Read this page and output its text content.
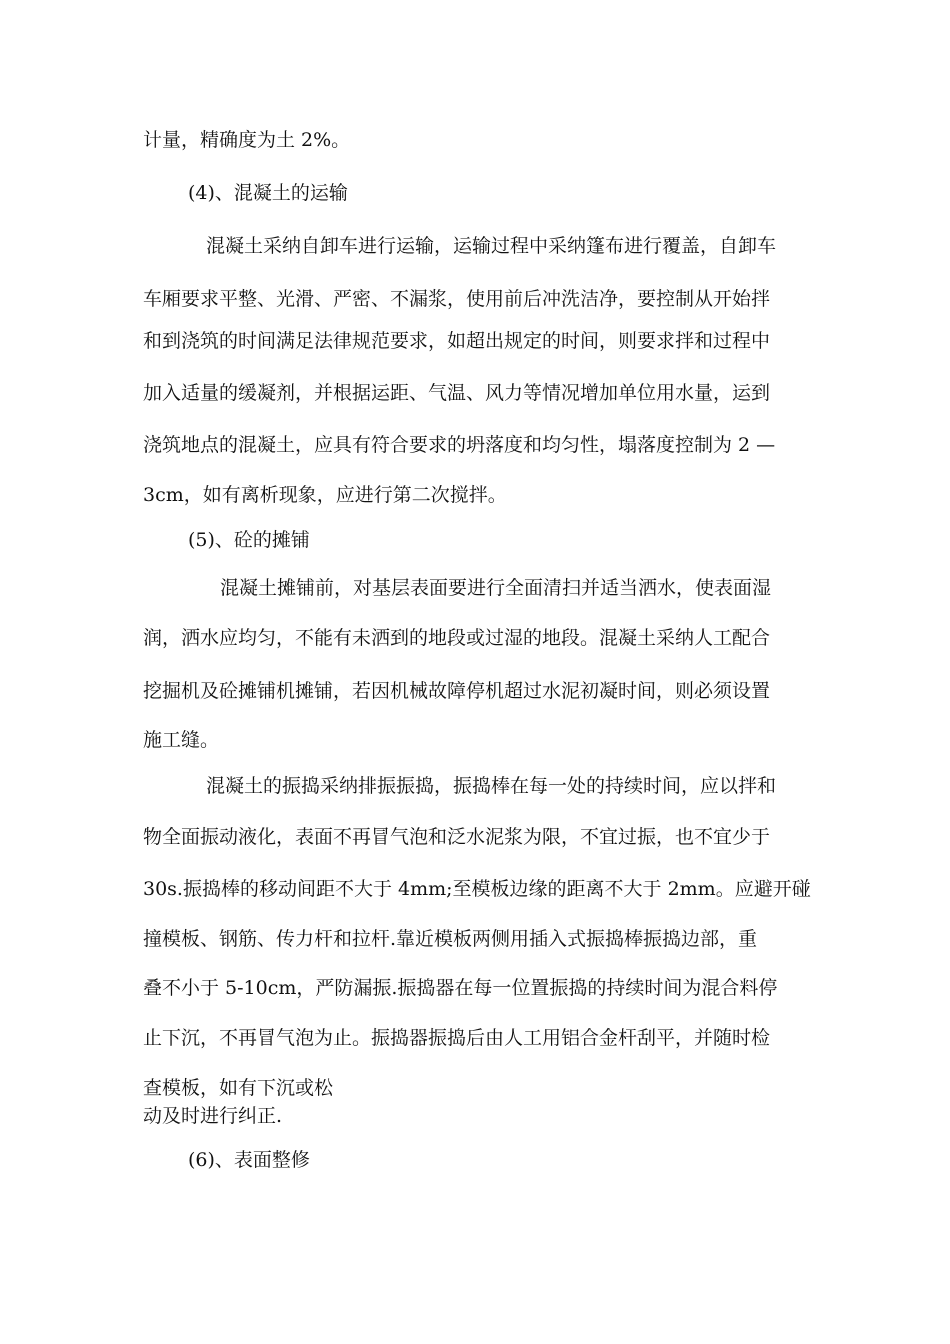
计量，精确度为土 2%。
(4)、混凝土的运输
混凝土采纳自卸车进行运输，运输过程中采纳篷布进行覆盖，自卸车
车厢要求平整、光滑、严密、不漏浆，使用前后冲洗洁净，要控制从开始拌
和到浇筑的时间满足法律规范要求，如超出规定的时间，则要求拌和过程中
加入适量的缓凝剂，并根据运距、气温、风力等情况增加单位用水量，运到
浇筑地点的混凝土，应具有符合要求的坍落度和均匀性，塌落度控制为 2 —
3cm，如有离析现象，应进行第二次搅拌。
(5)、砼的摊铺
混凝土摊铺前，对基层表面要进行全面清扫并适当洒水，使表面湿
润，洒水应均匀，不能有未洒到的地段或过湿的地段。混凝土采纳人工配合
挖掘机及砼摊铺机摊铺，若因机械故障停机超过水泥初凝时间，则必须设置
施工缝。
混凝土的振捣采纳排振振捣，振捣棒在每一处的持续时间，应以拌和
物全面振动液化，表面不再冒气泡和泛水泥浆为限，不宜过振，也不宜少于
30s.振捣棒的移动间距不大于 4mm;至模板边缘的距离不大于 2mm。应避开碰
撞模板、钢筋、传力杆和拉杆.靠近模板两侧用插入式振捣棒振捣边部，重
叠不小于 5-10cm，严防漏振.振捣器在每一位置振捣的持续时间为混合料停
止下沉，不再冒气泡为止。振捣器振捣后由人工用铝合金杆刮平，并随时检
查模板，如有下沉或松
动及时进行纠正.
(6)、表面整修
